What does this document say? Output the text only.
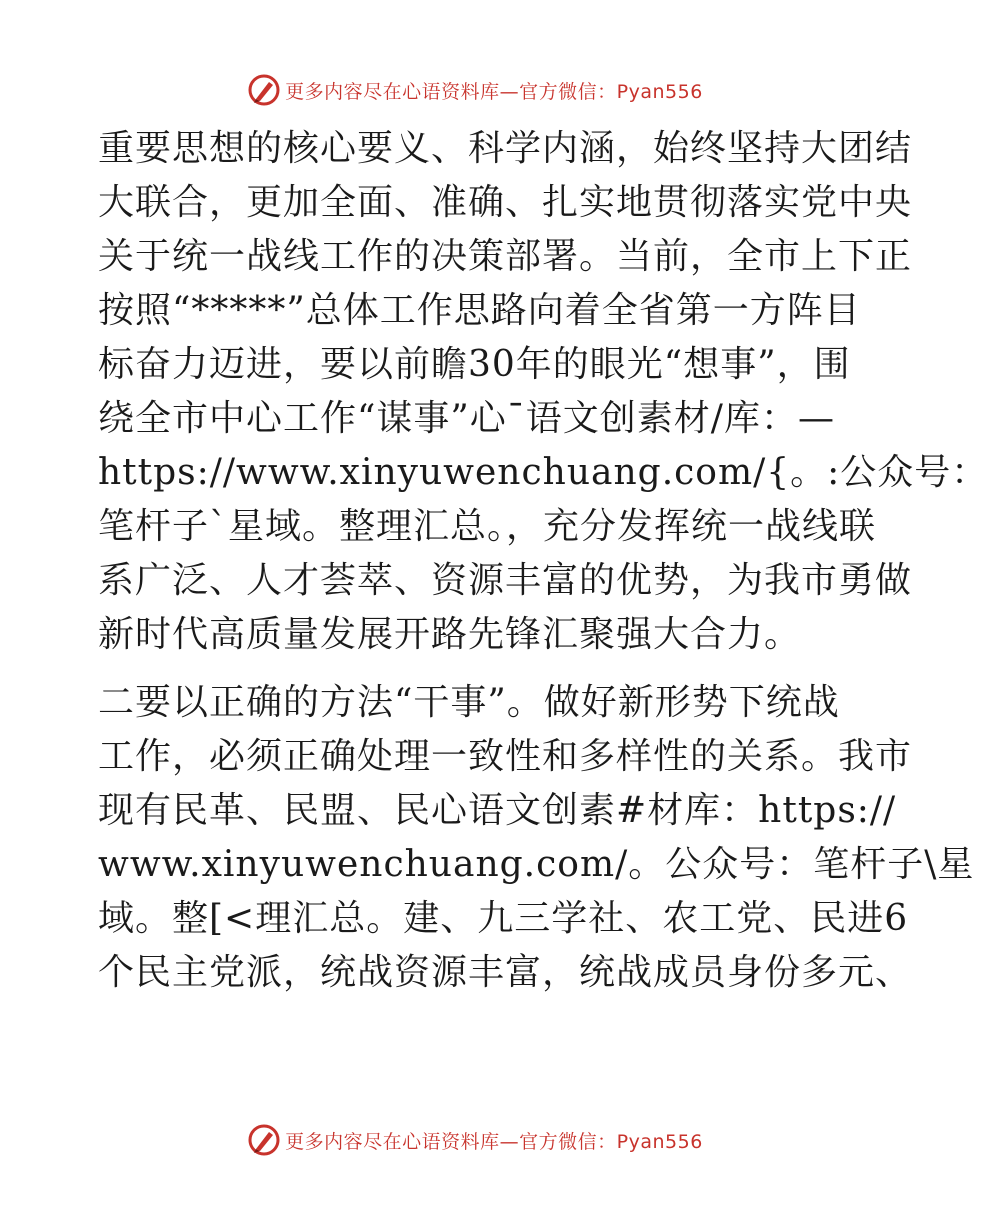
更多内容尽在心语资料库—官方微信：Pyan556
重要思想的核心要义、科学内涵，始终坚持大团结
大联合，更加全面、准确、扎实地贯彻落实党中央
关于统一战线工作的决策部署。当前，全市上下正
按照“*****”总体工作思路向着全省第一方阵目
标奋力迈进，要以前瞻30年的眼光“想事”，围
绕全市中心工作“谋事”心¯语文创素材/库：—
https://www.xinyuwenchuang.com/{。:公众号：
笔杆子`星域。整理汇总。，充分发挥统一战线联
系广泛、人才荟萃、资源丰富的优势，为我市勇做
新时代高质量发展开路先锋汇聚强大合力。
二要以正确的方法“干事”。做好新形势下统战
工作，必须正确处理一致性和多样性的关系。我市
现有民革、民盟、民心语文创素#材库：https://
www.xinyuwenchuang.com/。公众号：笔杆子\星
域。整[<理汇总。建、九三学社、农工党、民进6
个民主党派，统战资源丰富，统战成员身份多元、
更多内容尽在心语资料库—官方微信：Pyan556
